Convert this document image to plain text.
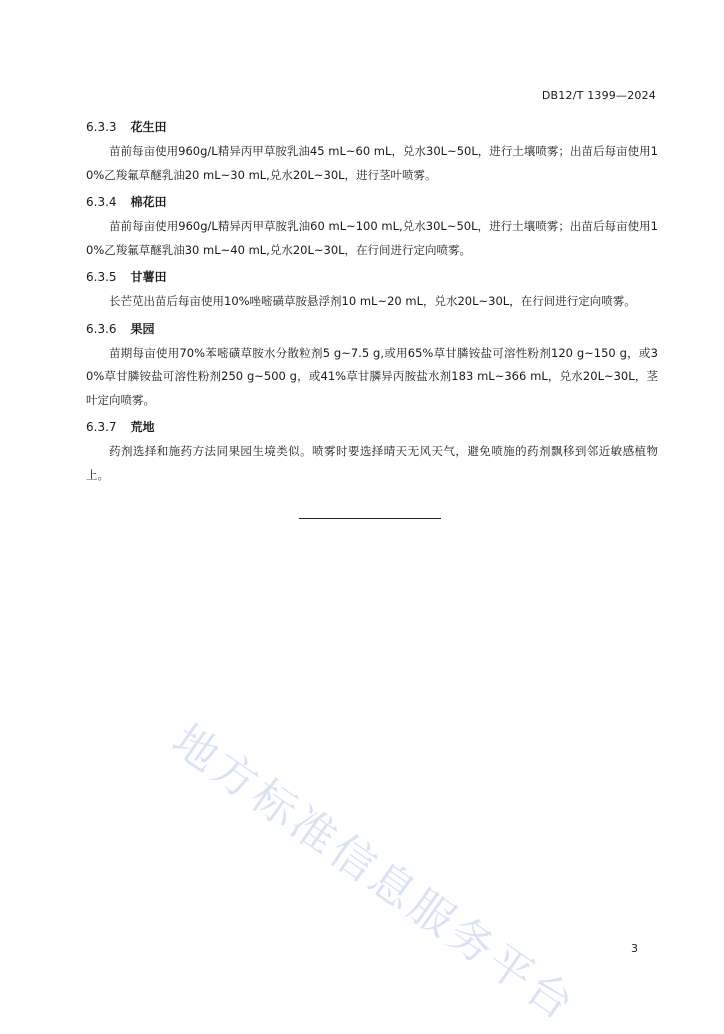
DB12/T 1399—2024
6.3.3 花生田

苗前每亩使用960g/L精异丙甲草胺乳油45 mL~60 mL，兑水30L~50L，进行土壤喷雾；出苗后每亩使用10%乙羧氟草醚乳油20 mL~30 mL,兑水20L~30L，进行茎叶喷雾。

6.3.4 棉花田

苗前每亩使用960g/L精异丙甲草胺乳油60 mL~100 mL,兑水30L~50L，进行土壤喷雾；出苗后每亩使用10%乙羧氟草醚乳油30 mL~40 mL,兑水20L~30L，在行间进行定向喷雾。

6.3.5 甘薯田

长芒苋出苗后每亩使用10%唑嘧磺草胺悬浮剂10 mL~20 mL，兑水20L~30L，在行间进行定向喷雾。

6.3.6 果园

苗期每亩使用70%苯嘧磺草胺水分散粒剂5 g~7.5 g,或用65%草甘膦铵盐可溶性粉剂120 g~150 g，或30%草甘膦铵盐可溶性粉剂250 g~500 g，或41%草甘膦异丙胺盐水剂183 mL~366 mL，兑水20L~30L，茎叶定向喷雾。

6.3.7 荒地

药剂选择和施药方法同果园生境类似。喷雾时要选择晴天无风天气，避免喷施的药剂飘移到邻近敏感植物上。

地方标准信息服务平台	3
